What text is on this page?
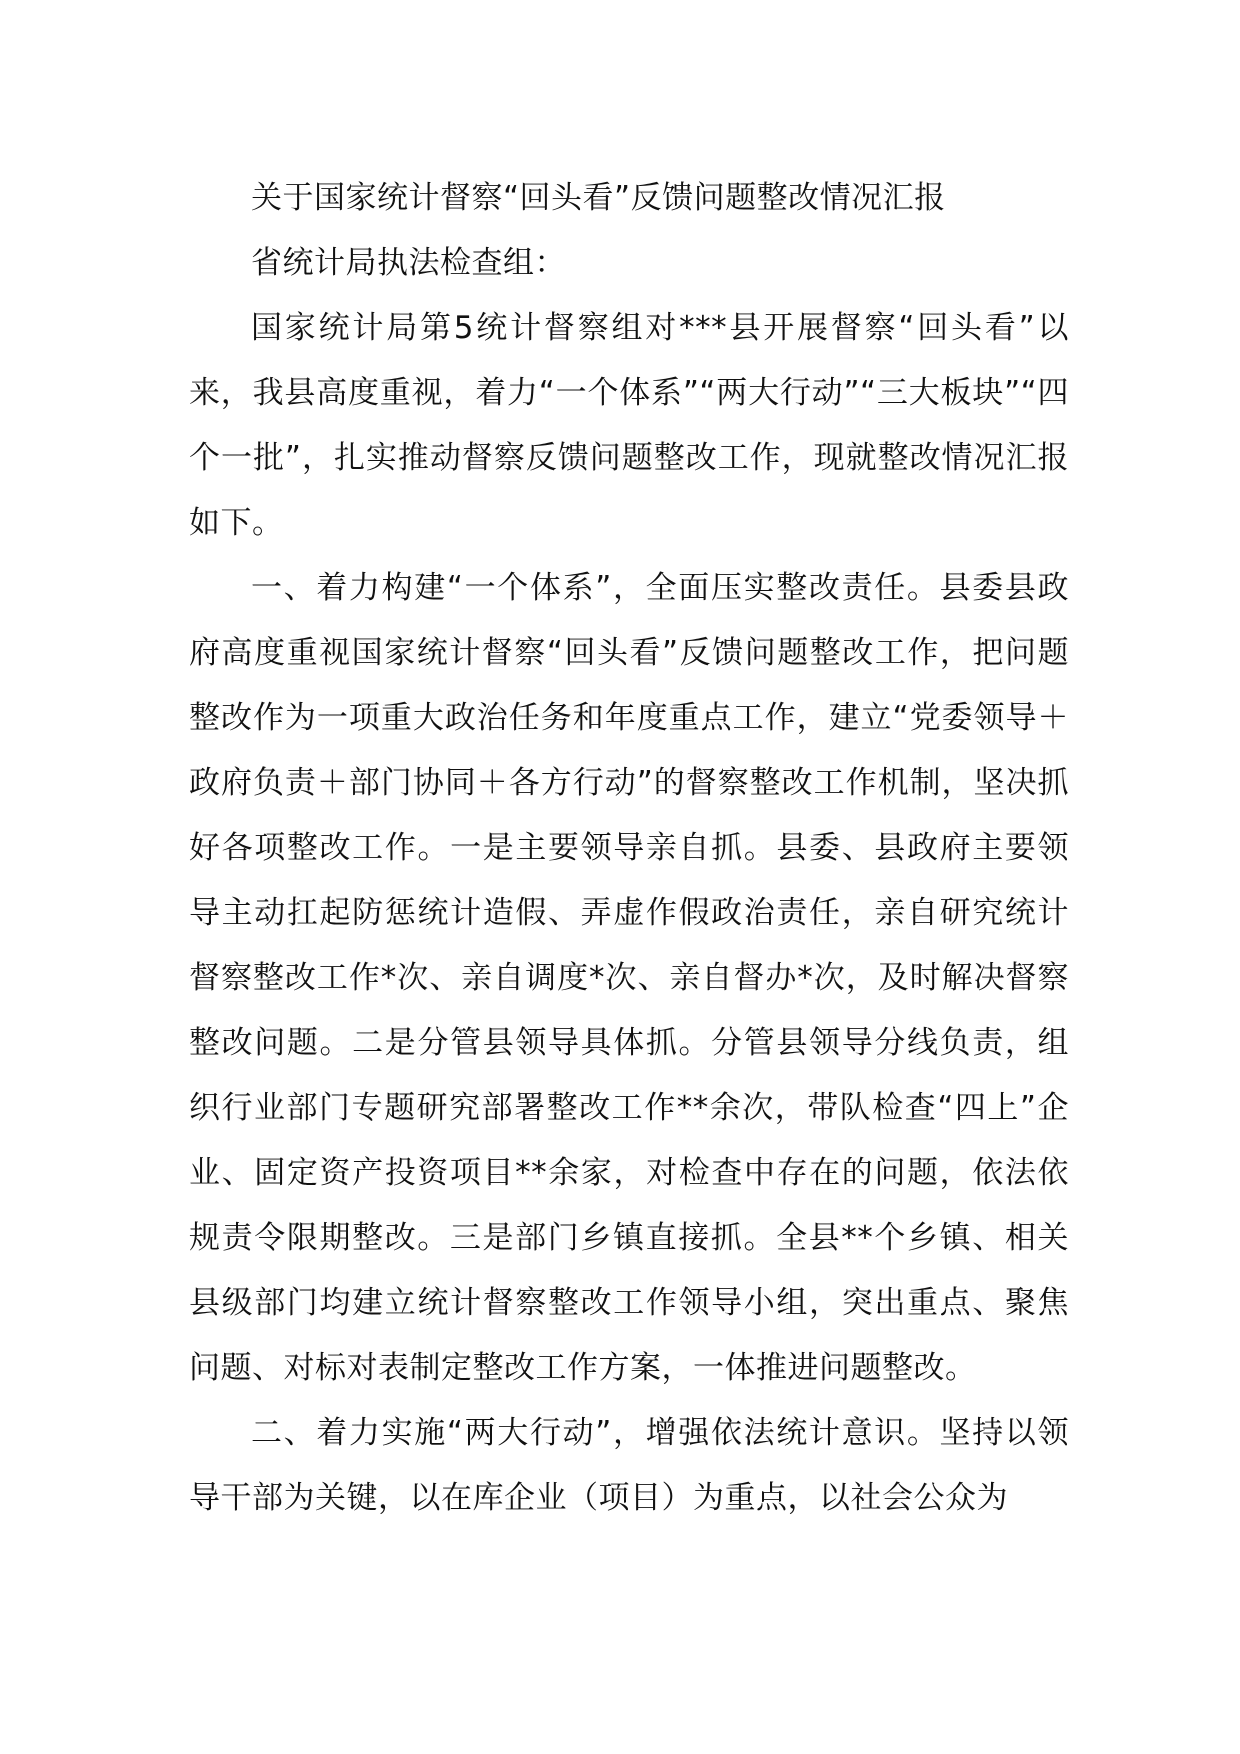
关于国家统计督察“回头看”反馈问题整改情况汇报

省统计局执法检查组：

国家统计局第5统计督察组对***县开展督察“回头看”以来，我县高度重视，着力“一个体系”“两大行动”“三大板块”“四个一批”，扎实推动督察反馈问题整改工作，现就整改情况汇报如下。

一、着力构建“一个体系”，全面压实整改责任。县委县政府高度重视国家统计督察“回头看”反馈问题整改工作，把问题整改作为一项重大政治任务和年度重点工作，建立“党委领导＋政府负责＋部门协同＋各方行动”的督察整改工作机制，坚决抓好各项整改工作。一是主要领导亲自抓。县委、县政府主要领导主动扛起防惩统计造假、弄虚作假政治责任，亲自研究统计督察整改工作*次、亲自调度*次、亲自督办*次，及时解决督察整改问题。二是分管县领导具体抓。分管县领导分线负责，组织行业部门专题研究部署整改工作**余次，带队检查“四上”企业、固定资产投资项目**余家，对检查中存在的问题，依法依规责令限期整改。三是部门乡镇直接抓。全县**个乡镇、相关县级部门均建立统计督察整改工作领导小组，突出重点、聚焦问题、对标对表制定整改工作方案，一体推进问题整改。

二、着力实施“两大行动”，增强依法统计意识。坚持以领导干部为关键，以在库企业（项目）为重点，以社会公众为
